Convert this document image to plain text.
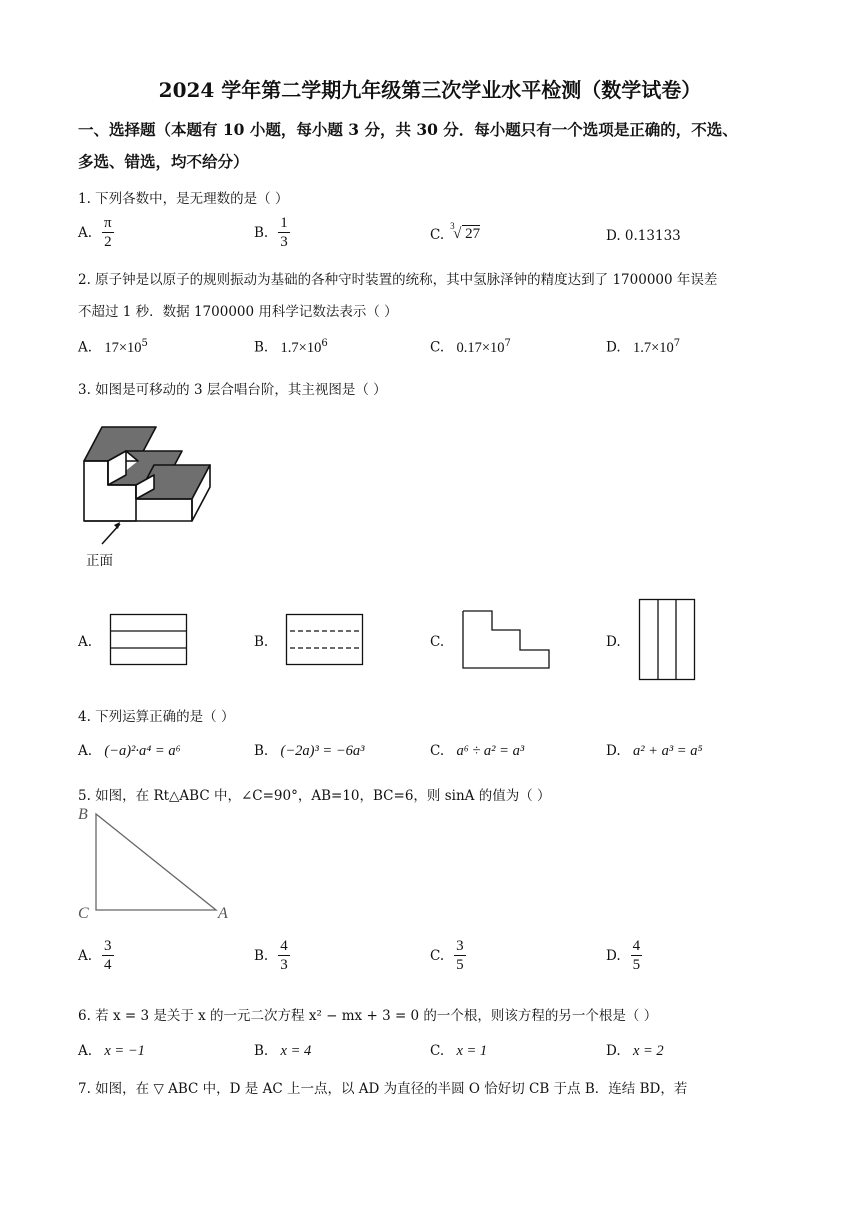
2024 学年第二学期九年级第三次学业水平检测（数学试卷）
一、选择题（本题有 10 小题，每小题 3 分，共 30 分．每小题只有一个选项是正确的，不选、
多选、错选，均不给分）
1. 下列各数中，是无理数的是（ ）
A. $\frac{\pi}{2}$	B. $\frac{1}{3}$	C.
3
√ 27	D. 0.13133
2. 原子钟是以原子的规则振动为基础的各种守时装置的统称，其中氢脉泽钟的精度达到了 1700000 年误差
不超过 1 秒．数据 1700000 用科学记数法表示（ ）
A. $17\times 10^5$	B. $1.7\times 10^6$	C. $0.17\times 10^7$	D. $1.7\times 10^7$
3. 如图是可移动的 3 层合唱台阶，其主视图是（ ）
正面
A.	B.	C.	D.
4. 下列运算正确的是（ ）
A. (−a)²·a⁴ = a⁶	B. (−2a)³ = −6a³	C. a⁶ ÷ a² = a³	D. a² + a³ = a⁵
5. 如图，在 Rt△ABC 中，∠C=90°，AB=10，BC=6，则 sinA 的值为（ ）
B
C	A
A. $\frac{3}{4}$	B. $\frac{4}{3}$	C. $\frac{3}{5}$	D. $\frac{4}{5}$
6. 若 x = 3 是关于 x 的一元二次方程 x² − mx + 3 = 0 的一个根，则该方程的另一个根是（ ）
A. x = −1	B. x = 4	C. x = 1	D. x = 2
7. 如图，在 ▽ ABC 中，D 是 AC 上一点，以 AD 为直径的半圆 O 恰好切 CB 于点 B．连结 BD，若
